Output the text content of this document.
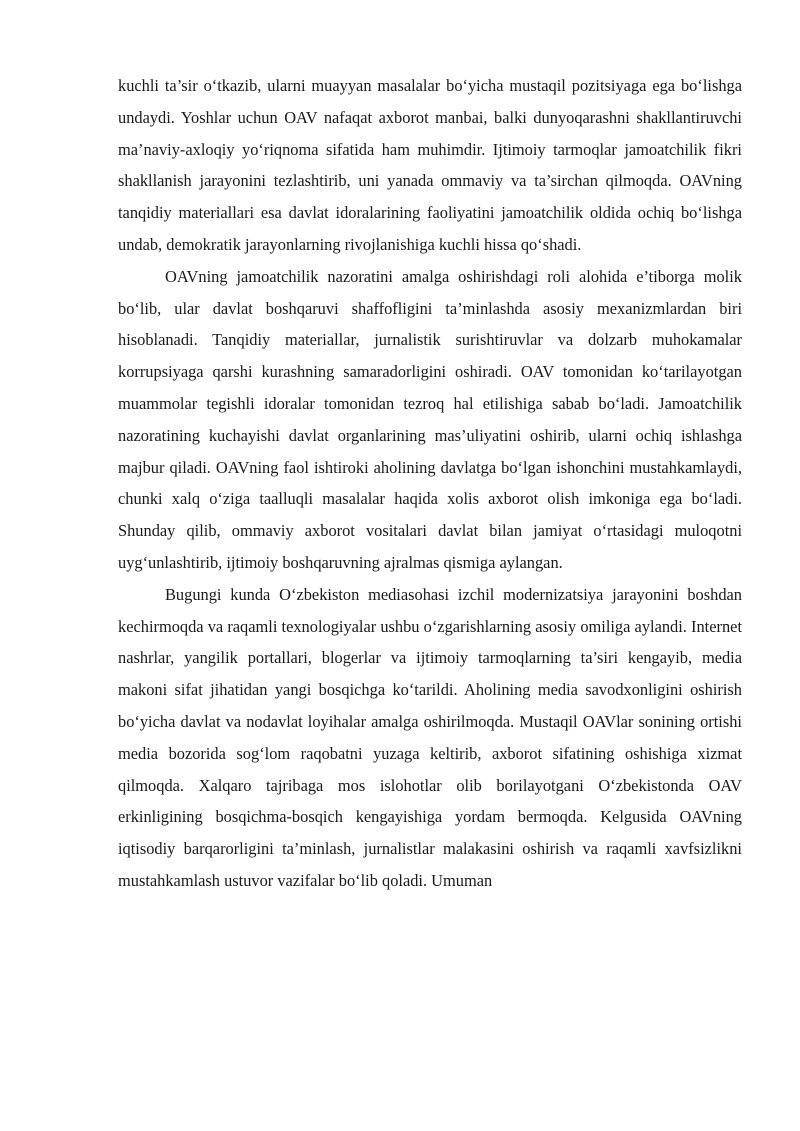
kuchli ta’sir o‘tkazib, ularni muayyan masalalar bo‘yicha mustaqil pozitsiyaga ega bo‘lishga undaydi. Yoshlar uchun OAV nafaqat axborot manbai, balki dunyoqarashni shakllantiruvchi ma’naviy-axloqiy yo‘riqnoma sifatida ham muhimdir. Ijtimoiy tarmoqlar jamoatchilik fikri shakllanish jarayonini tezlashtirib, uni yanada ommaviy va ta’sirchan qilmoqda. OAVning tanqidiy materiallari esa davlat idoralarining faoliyatini jamoatchilik oldida ochiq bo‘lishga undab, demokratik jarayonlarning rivojlanishiga kuchli hissa qo‘shadi.

OAVning jamoatchilik nazoratini amalga oshirishdagi roli alohida e’tiborga molik bo‘lib, ular davlat boshqaruvi shaffofligini ta’minlashda asosiy mexanizmlardan biri hisoblanadi. Tanqidiy materiallar, jurnalistik surishtiruvlar va dolzarb muhokamalar korrupsiyaga qarshi kurashning samaradorligini oshiradi. OAV tomonidan ko‘tarilayotgan muammolar tegishli idoralar tomonidan tezroq hal etilishiga sabab bo‘ladi. Jamoatchilik nazoratining kuchayishi davlat organlarining mas’uliyatini oshirib, ularni ochiq ishlashga majbur qiladi. OAVning faol ishtiroki aholining davlatga bo‘lgan ishonchini mustahkamlaydi, chunki xalq o‘ziga taalluqli masalalar haqida xolis axborot olish imkoniga ega bo‘ladi. Shunday qilib, ommaviy axborot vositalari davlat bilan jamiyat o‘rtasidagi muloqotni uyg‘unlashtirib, ijtimoiy boshqaruvning ajralmas qismiga aylangan.

Bugungi kunda O‘zbekiston mediasohasi izchil modernizatsiya jarayonini boshdan kechirmoqda va raqamli texnologiyalar ushbu o‘zgarishlarning asosiy omiliga aylandi. Internet nashrlar, yangilik portallari, blogerlar va ijtimoiy tarmoqlarning ta’siri kengayib, media makoni sifat jihatidan yangi bosqichga ko‘tarildi. Aholining media savodxonligini oshirish bo‘yicha davlat va nodavlat loyihalar amalga oshirilmoqda. Mustaqil OAVlar sonining ortishi media bozorida sog‘lom raqobatni yuzaga keltirib, axborot sifatining oshishiga xizmat qilmoqda. Xalqaro tajribaga mos islohotlar olib borilayotgani O‘zbekistonda OAV erkinligining bosqichma-bosqich kengayishiga yordam bermoqda. Kelgusida OAVning iqtisodiy barqarorligini ta’minlash, jurnalistlar malakasini oshirish va raqamli xavfsizlikni mustahkamlash ustuvor vazifalar bo‘lib qoladi. Umuman
